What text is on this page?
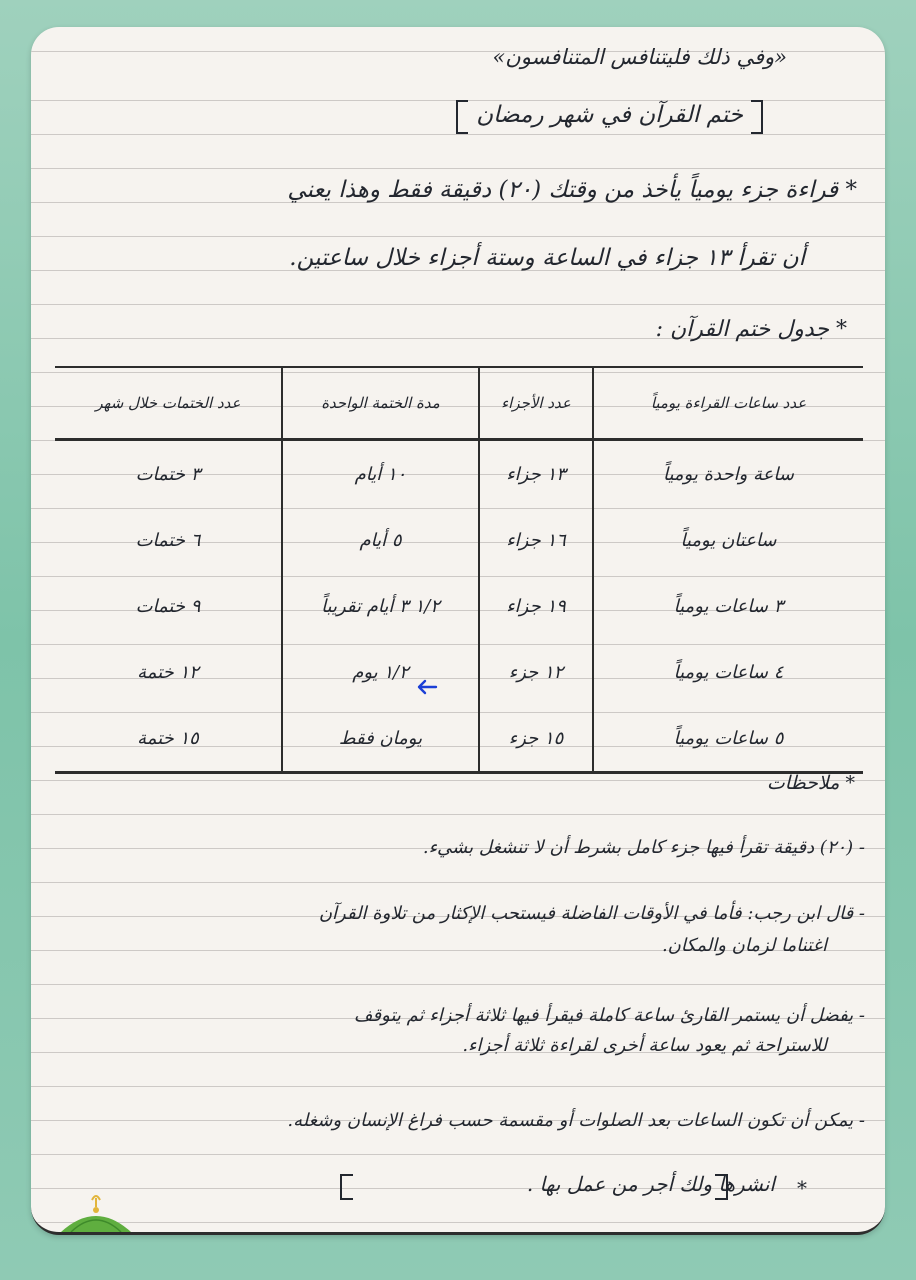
«وفي ذلك فليتنافس المتنافسون»
ختم القرآن في شهر رمضان
* قراءة جزء يومياً يأخذ من وقتك (٢٠) دقيقة فقط وهذا يعني
أن تقرأ ١٣ جزاء في الساعة وستة أجزاء خلال ساعتين.
* جدول ختم القرآن :
عدد ساعات القراءة يومياً	عدد الأجزاء	مدة الختمة الواحدة	عدد الختمات خلال شهر
ساعة واحدة يومياً	١٣ جزاء	١٠ أيام	٣ ختمات
ساعتان يومياً	١٦ جزاء	٥ أيام	٦ ختمات
٣ ساعات يومياً	١٩ جزاء	١/٢ ٣ أيام تقريباً	٩ ختمات
٤ ساعات يومياً	١٢ جزء	١/٢ يوم	١٢ ختمة
٥ ساعات يومياً	١٥ جزء	يومان فقط	١٥ ختمة
* ملاحظات
- (٢٠) دقيقة تقرأ فيها جزء كامل بشرط أن لا تنشغل بشيء.
- قال ابن رجب: فأما في الأوقات الفاضلة فيستحب الإكثار من تلاوة القرآن
اغتناما لزمان والمكان.
- يفضل أن يستمر القارئ ساعة كاملة فيقرأ فيها ثلاثة أجزاء ثم يتوقف
للاستراحة ثم يعود ساعة أخرى لقراءة ثلاثة أجزاء.
- يمكن أن تكون الساعات بعد الصلوات أو مقسمة حسب فراغ الإنسان وشغله.
* انشرها ولك أجر من عمل بها .
